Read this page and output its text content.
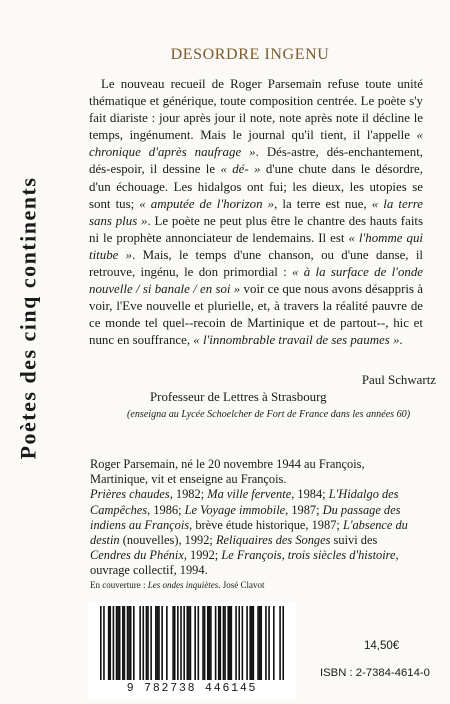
Poètes des cinq continents
DESORDRE INGENU
Le nouveau recueil de Roger Parsemain refuse toute unité thématique et générique, toute composition centrée. Le poète s'y fait diariste : jour après jour il note, note après note il décline le temps, ingénument. Mais le journal qu'il tient, il l'appelle « chronique d'après naufrage ». Dés-astre, dés-enchantement, dés-espoir, il dessine le « dé- » d'une chute dans le désordre, d'un échouage. Les hidalgos ont fui; les dieux, les utopies se sont tus; « amputée de l'horizon », la terre est nue, « la terre sans plus ». Le poète ne peut plus être le chantre des hauts faits ni le prophète annonciateur de lendemains. Il est « l'homme qui titube ». Mais, le temps d'une chanson, ou d'une danse, il retrouve, ingénu, le don primordial : « à la surface de l'onde nouvelle / si banale / en soi » voir ce que nous avons désappris à voir, l'Eve nouvelle et plurielle, et, à travers la réalité pauvre de ce monde tel quel--recoin de Martinique et de partout--, hic et nunc en souffrance, « l'innombrable travail de ses paumes ».
Paul Schwartz
Professeur de Lettres à Strasbourg
(enseigna au Lycée Schoelcher de Fort de France dans les années 60)
Roger Parsemain, né le 20 novembre 1944 au François, Martinique, vit et enseigne au François.
Prières chaudes, 1982; Ma ville fervente, 1984; L'Hidalgo des Campêches, 1986; Le Voyage immobile, 1987; Du passage des indiens au François, brève étude historique, 1987; L'absence du destin (nouvelles), 1992; Reliquaires des Songes suivi des Cendres du Phénix, 1992; Le François, trois siècles d'histoire, ouvrage collectif, 1994.
En couverture : Les ondes inquiètes. José Clavot
9 782738 446145
14,50€
ISBN : 2-7384-4614-0
